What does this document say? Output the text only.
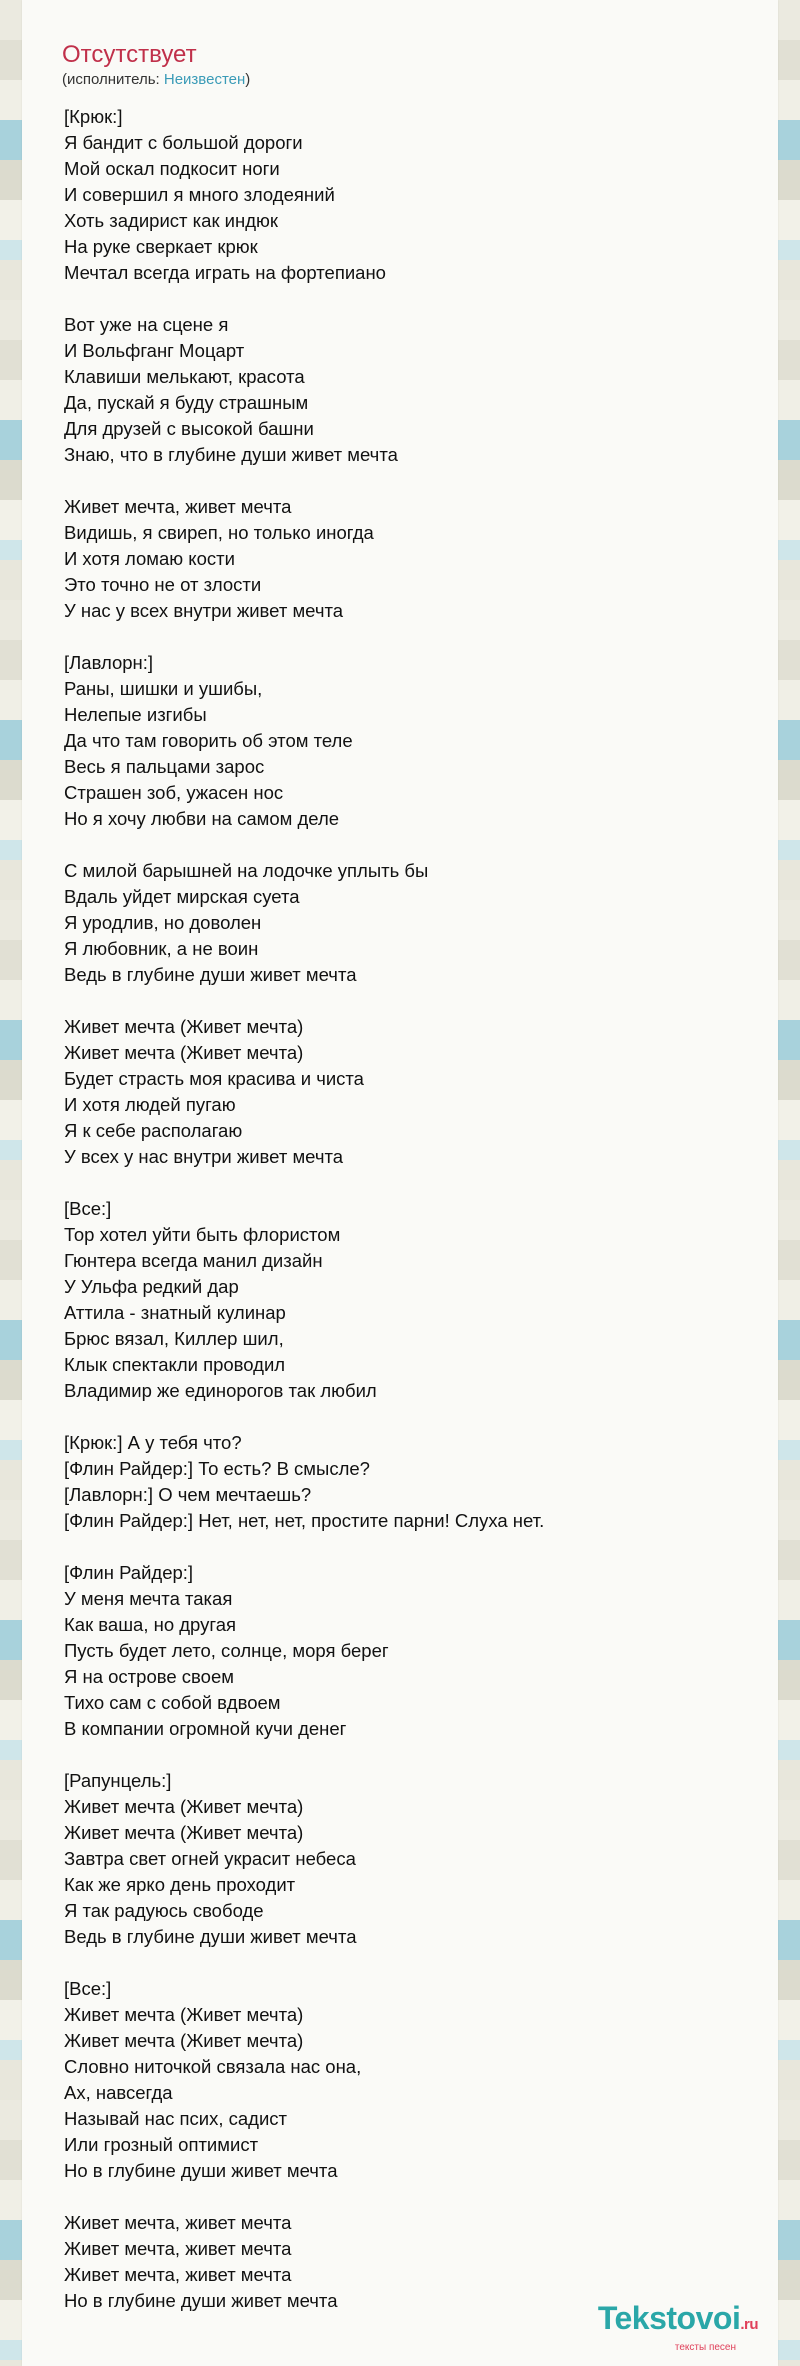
Отсутствует
(исполнитель: Неизвестен)
[Крюк:]
Я бандит с большой дороги
Мой оскал подкосит ноги
И совершил я много злодеяний
Хоть задирист как индюк
На руке сверкает крюк
Мечтал всегда играть на фортепиано
Вот уже на сцене я
И Вольфганг Моцарт
Клавиши мелькают, красота
Да, пускай я буду страшным
Для друзей с высокой башни
Знаю, что в глубине души живет мечта
Живет мечта, живет мечта
Видишь, я свиреп, но только иногда
И хотя ломаю кости
Это точно не от злости
У нас у всех внутри живет мечта
[Лавлорн:]
Раны, шишки и ушибы,
Нелепые изгибы
Да что там говорить об этом теле
Весь я пальцами зарос
Страшен зоб, ужасен нос
Но я хочу любви на самом деле
С милой барышней на лодочке уплыть бы
Вдаль уйдет мирская суета
Я уродлив, но доволен
Я любовник, а не воин
Ведь в глубине души живет мечта
Живет мечта (Живет мечта)
Живет мечта (Живет мечта)
Будет страсть моя красива и чиста
И хотя людей пугаю
Я к себе располагаю
У всех у нас внутри живет мечта
[Все:]
Тор хотел уйти быть флористом
Гюнтера всегда манил дизайн
У Ульфа редкий дар
Аттила - знатный кулинар
Брюс вязал, Киллер шил,
Клык спектакли проводил
Владимир же единорогов так любил
[Крюк:] А у тебя что?
[Флин Райдер:] То есть? В смысле?
[Лавлорн:] О чем мечтаешь?
[Флин Райдер:] Нет, нет, нет, простите парни! Слуха нет.
[Флин Райдер:]
У меня мечта такая
Как ваша, но другая
Пусть будет лето, солнце, моря берег
Я на острове своем
Тихо сам с собой вдвоем
В компании огромной кучи денег
[Рапунцель:]
Живет мечта (Живет мечта)
Живет мечта (Живет мечта)
Завтра свет огней украсит небеса
Как же ярко день проходит
Я так радуюсь свободе
Ведь в глубине души живет мечта
[Все:]
Живет мечта (Живет мечта)
Живет мечта (Живет мечта)
Словно ниточкой связала нас она,
Ах, навсегда
Называй нас псих, садист
Или грозный оптимист
Но в глубине души живет мечта
Живет мечта, живет мечта
Живет мечта, живет мечта
Живет мечта, живет мечта
Но в глубине души живет мечта	Tekstovoi.ru
тексты песен
